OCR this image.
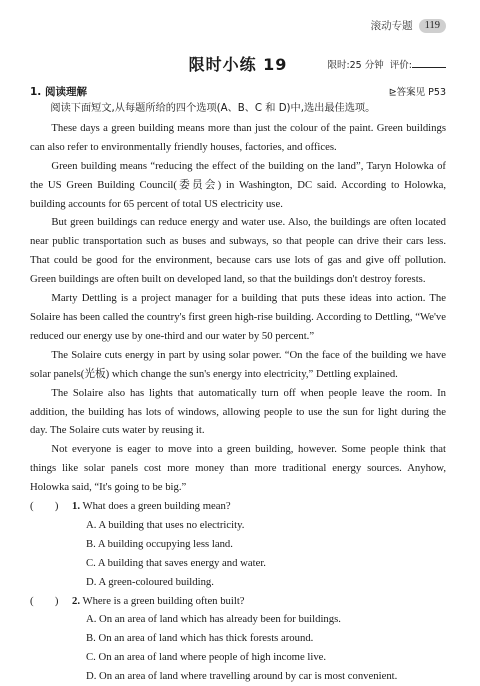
滚动专题	119
限时小练 19	限时:25 分钟 评价:
1. 阅读理解	⊵答案见 P53

阅读下面短文,从每题所给的四个选项(A、B、C 和 D)中,选出最佳选项。

These days a green building means more than just the colour of the paint. Green buildings can also refer to environmentally friendly houses, factories, and offices.

Green building means “reducing the effect of the building on the land”, Taryn Holowka of the US Green Building Council(委员会) in Washington, DC said. According to Holowka, building accounts for 65 percent of total US electricity use.

But green buildings can reduce energy and water use. Also, the buildings are often located near public transportation such as buses and subways, so that people can drive their cars less. That could be good for the environment, because cars use lots of gas and give off pollution. Green buildings are often built on developed land, so that the buildings don't destroy forests.

Marty Dettling is a project manager for a building that puts these ideas into action. The Solaire has been called the country's first green high-rise building. According to Dettling, “We've reduced our energy use by one-third and our water by 50 percent.”

The Solaire cuts energy in part by using solar power. “On the face of the building we have solar panels(光板) which change the sun's energy into electricity,” Dettling explained.

The Solaire also has lights that automatically turn off when people leave the room. In addition, the building has lots of windows, allowing people to use the sun for light during the day. The Solaire cuts water by reusing it.

Not everyone is eager to move into a green building, however. Some people think that things like solar panels cost more money than more traditional energy sources. Anyhow, Holowka said, “It's going to be big.”

(　　)	1. What does a green building mean?
A. A building that uses no electricity.
B. A building occupying less land.
C. A building that saves energy and water.
D. A green-coloured building.
(　　)	2. Where is a green building often built?
A. On an area of land which has already been for buildings.
B. On an area of land which has thick forests around.
C. On an area of land where people of high income live.
D. On an area of land where travelling around by car is most convenient.
